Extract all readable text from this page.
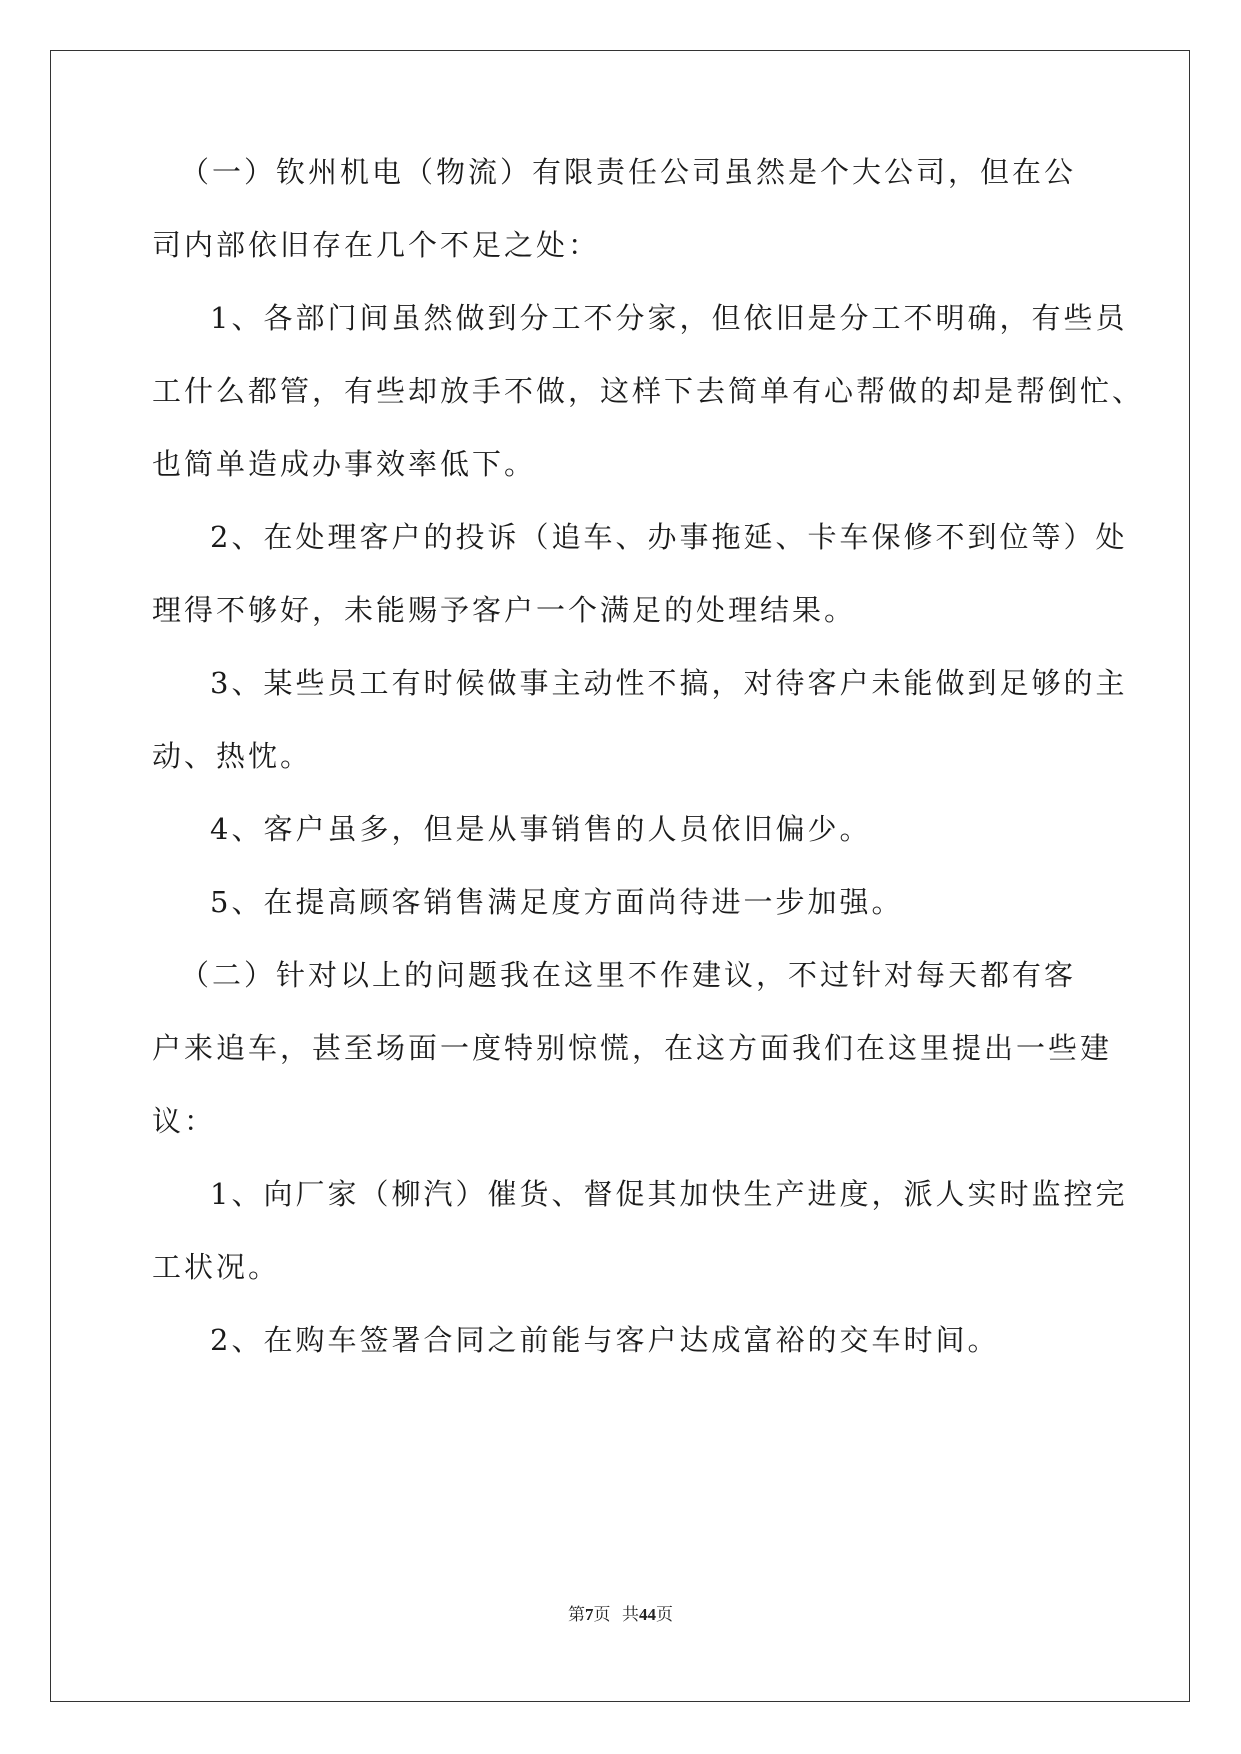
（一）钦州机电（物流）有限责任公司虽然是个大公司，但在公
司内部依旧存在几个不足之处：
1、各部门间虽然做到分工不分家，但依旧是分工不明确，有些员
工什么都管，有些却放手不做，这样下去简单有心帮做的却是帮倒忙、
也简单造成办事效率低下。
2、在处理客户的投诉（追车、办事拖延、卡车保修不到位等）处
理得不够好，未能赐予客户一个满足的处理结果。
3、某些员工有时候做事主动性不搞，对待客户未能做到足够的主
动、热忱。
4、客户虽多，但是从事销售的人员依旧偏少。
5、在提高顾客销售满足度方面尚待进一步加强。
（二）针对以上的问题我在这里不作建议，不过针对每天都有客
户来追车，甚至场面一度特别惊慌，在这方面我们在这里提出一些建
议：
1、向厂家（柳汽）催货、督促其加快生产进度，派人实时监控完
工状况。
2、在购车签署合同之前能与客户达成富裕的交车时间。
第7页 共44页
